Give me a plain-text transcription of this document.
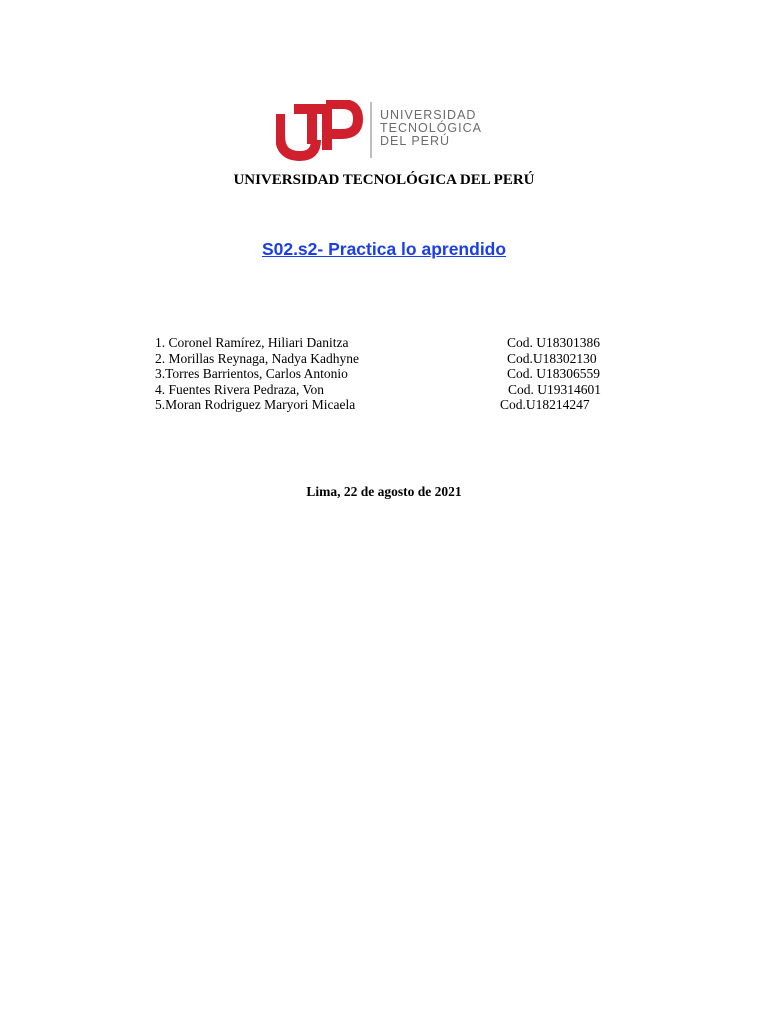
UNIVERSIDAD
TECNOLÓGICA
DEL PERÚ
UNIVERSIDAD TECNOLÓGICA DEL PERÚ
S02.s2- Practica lo aprendido
1. Coronel Ramírez, Hiliari Danitza	Cod. U18301386
2. Morillas Reynaga, Nadya Kadhyne	Cod.U18302130
3.Torres Barrientos, Carlos Antonio	Cod. U18306559
4. Fuentes Rivera Pedraza, Von	Cod. U19314601
5.Moran Rodriguez Maryori Micaela	Cod.U18214247
Lima, 22 de agosto de 2021
